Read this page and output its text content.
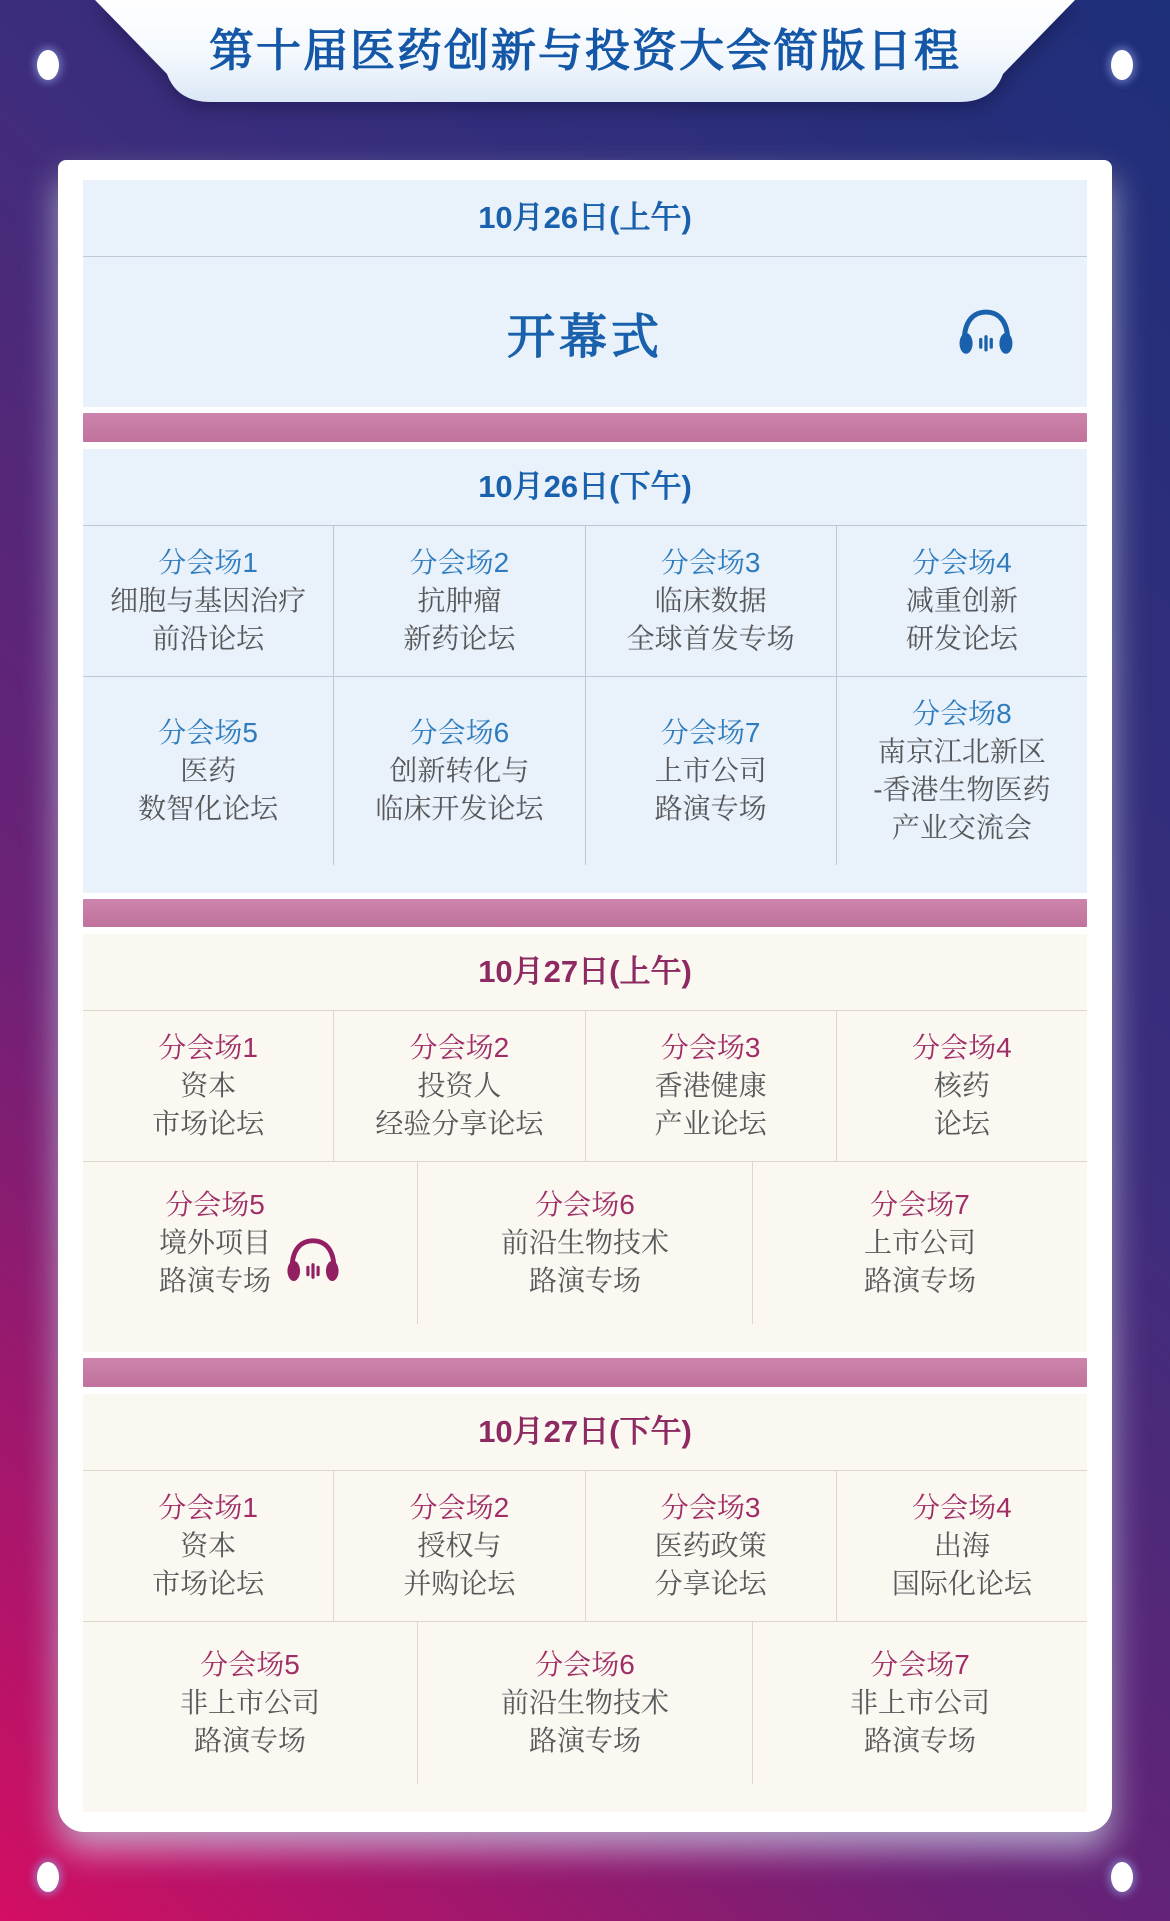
第十届医药创新与投资大会简版日程
10月26日(上午)
开幕式
10月26日(下午)
分会场1
细胞与基因治疗
前沿论坛
分会场2
抗肿瘤
新药论坛
分会场3
临床数据
全球首发专场
分会场4
减重创新
研发论坛
分会场5
医药
数智化论坛
分会场6
创新转化与
临床开发论坛
分会场7
上市公司
路演专场
分会场8
南京江北新区
-香港生物医药
产业交流会
10月27日(上午)
分会场1
资本
市场论坛
分会场2
投资人
经验分享论坛
分会场3
香港健康
产业论坛
分会场4
核药
论坛
分会场5
境外项目
路演专场
分会场6
前沿生物技术
路演专场
分会场7
上市公司
路演专场
10月27日(下午)
分会场1
资本
市场论坛
分会场2
授权与
并购论坛
分会场3
医药政策
分享论坛
分会场4
出海
国际化论坛
分会场5
非上市公司
路演专场
分会场6
前沿生物技术
路演专场
分会场7
非上市公司
路演专场
